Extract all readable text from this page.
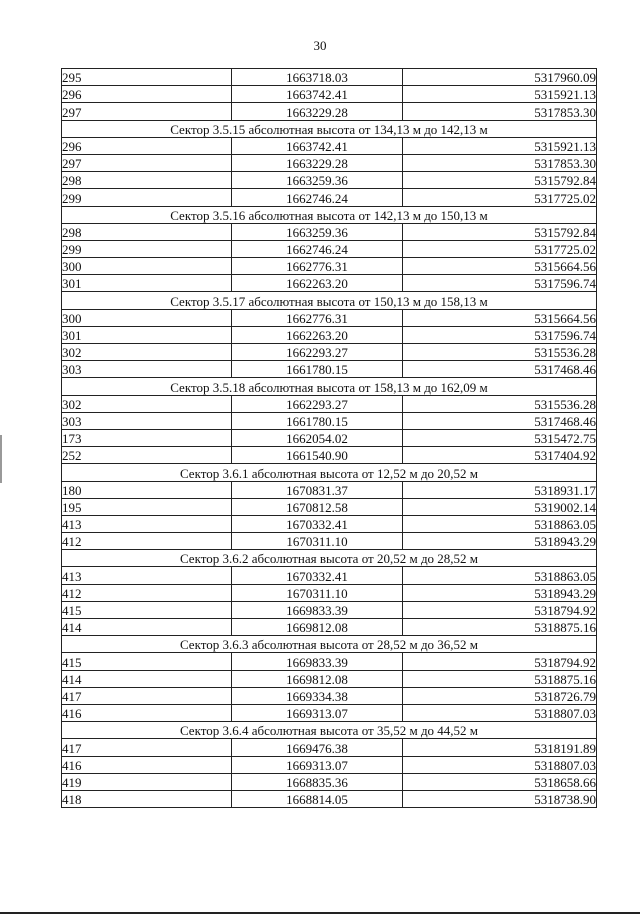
30
295	1663718.03	5317960.09
296	1663742.41	5315921.13
297	1663229.28	5317853.30
Сектор 3.5.15 абсолютная высота от 134,13 м до 142,13 м		
296	1663742.41	5315921.13
297	1663229.28	5317853.30
298	1663259.36	5315792.84
299	1662746.24	5317725.02
Сектор 3.5.16 абсолютная высота от 142,13 м до 150,13 м		
298	1663259.36	5315792.84
299	1662746.24	5317725.02
300	1662776.31	5315664.56
301	1662263.20	5317596.74
Сектор 3.5.17 абсолютная высота от 150,13 м до 158,13 м		
300	1662776.31	5315664.56
301	1662263.20	5317596.74
302	1662293.27	5315536.28
303	1661780.15	5317468.46
Сектор 3.5.18 абсолютная высота от 158,13 м до 162,09 м		
302	1662293.27	5315536.28
303	1661780.15	5317468.46
173	1662054.02	5315472.75
252	1661540.90	5317404.92
Сектор 3.6.1 абсолютная высота от 12,52 м до 20,52 м		
180	1670831.37	5318931.17
195	1670812.58	5319002.14
413	1670332.41	5318863.05
412	1670311.10	5318943.29
Сектор 3.6.2 абсолютная высота от 20,52 м до 28,52 м		
413	1670332.41	5318863.05
412	1670311.10	5318943.29
415	1669833.39	5318794.92
414	1669812.08	5318875.16
Сектор 3.6.3 абсолютная высота от 28,52 м до 36,52 м		
415	1669833.39	5318794.92
414	1669812.08	5318875.16
417	1669334.38	5318726.79
416	1669313.07	5318807.03
Сектор 3.6.4 абсолютная высота от 35,52 м до 44,52 м		
417	1669476.38	5318191.89
416	1669313.07	5318807.03
419	1668835.36	5318658.66
418	1668814.05	5318738.90
